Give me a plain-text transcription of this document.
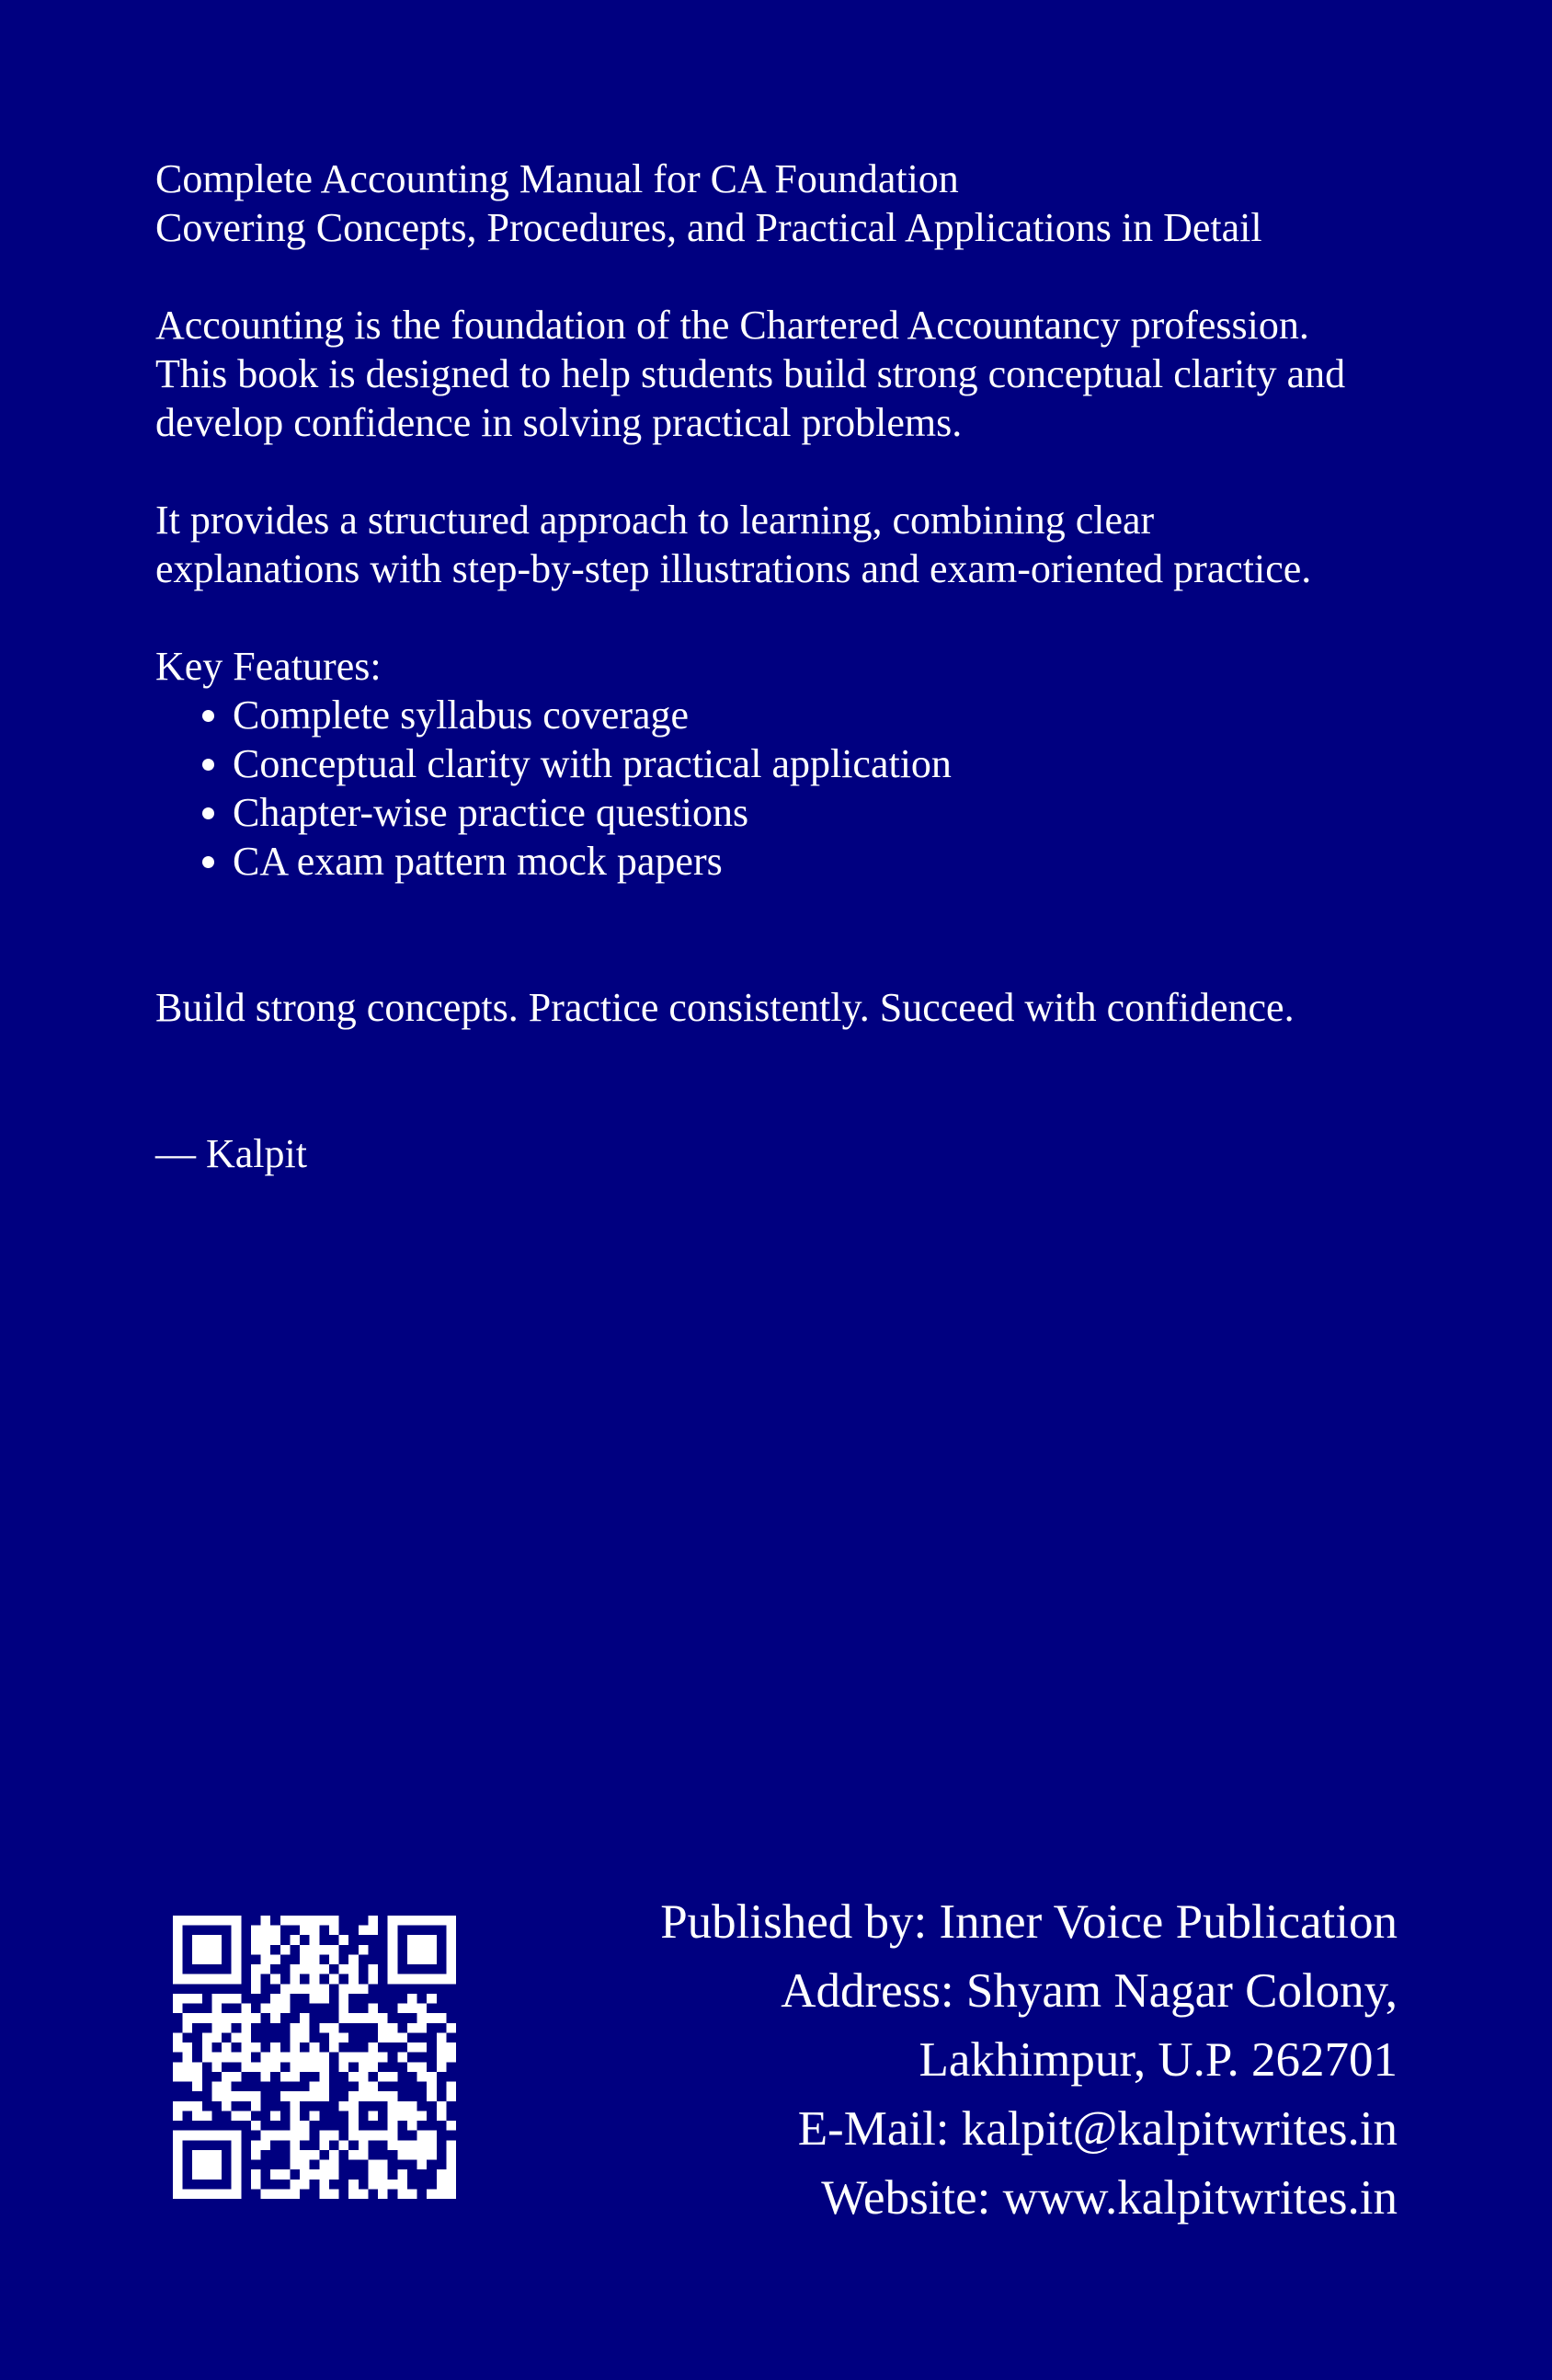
Complete Accounting Manual for CA Foundation

Covering Concepts, Procedures, and Practical Applications in Detail

Accounting is the foundation of the Chartered Accountancy profession. This book is designed to help students build strong conceptual clarity and develop confidence in solving practical problems.

It provides a structured approach to learning, combining clear explanations with step-by-step illustrations and exam-oriented practice.

Key Features:

• Complete syllabus coverage
• Conceptual clarity with practical application
• Chapter-wise practice questions
• CA exam pattern mock papers

Build strong concepts. Practice consistently. Succeed with confidence.

— Kalpit

Published by: Inner Voice Publication
Address: Shyam Nagar Colony,
Lakhimpur, U.P. 262701
E-Mail: kalpit@kalpitwrites.in
Website: www.kalpitwrites.in
